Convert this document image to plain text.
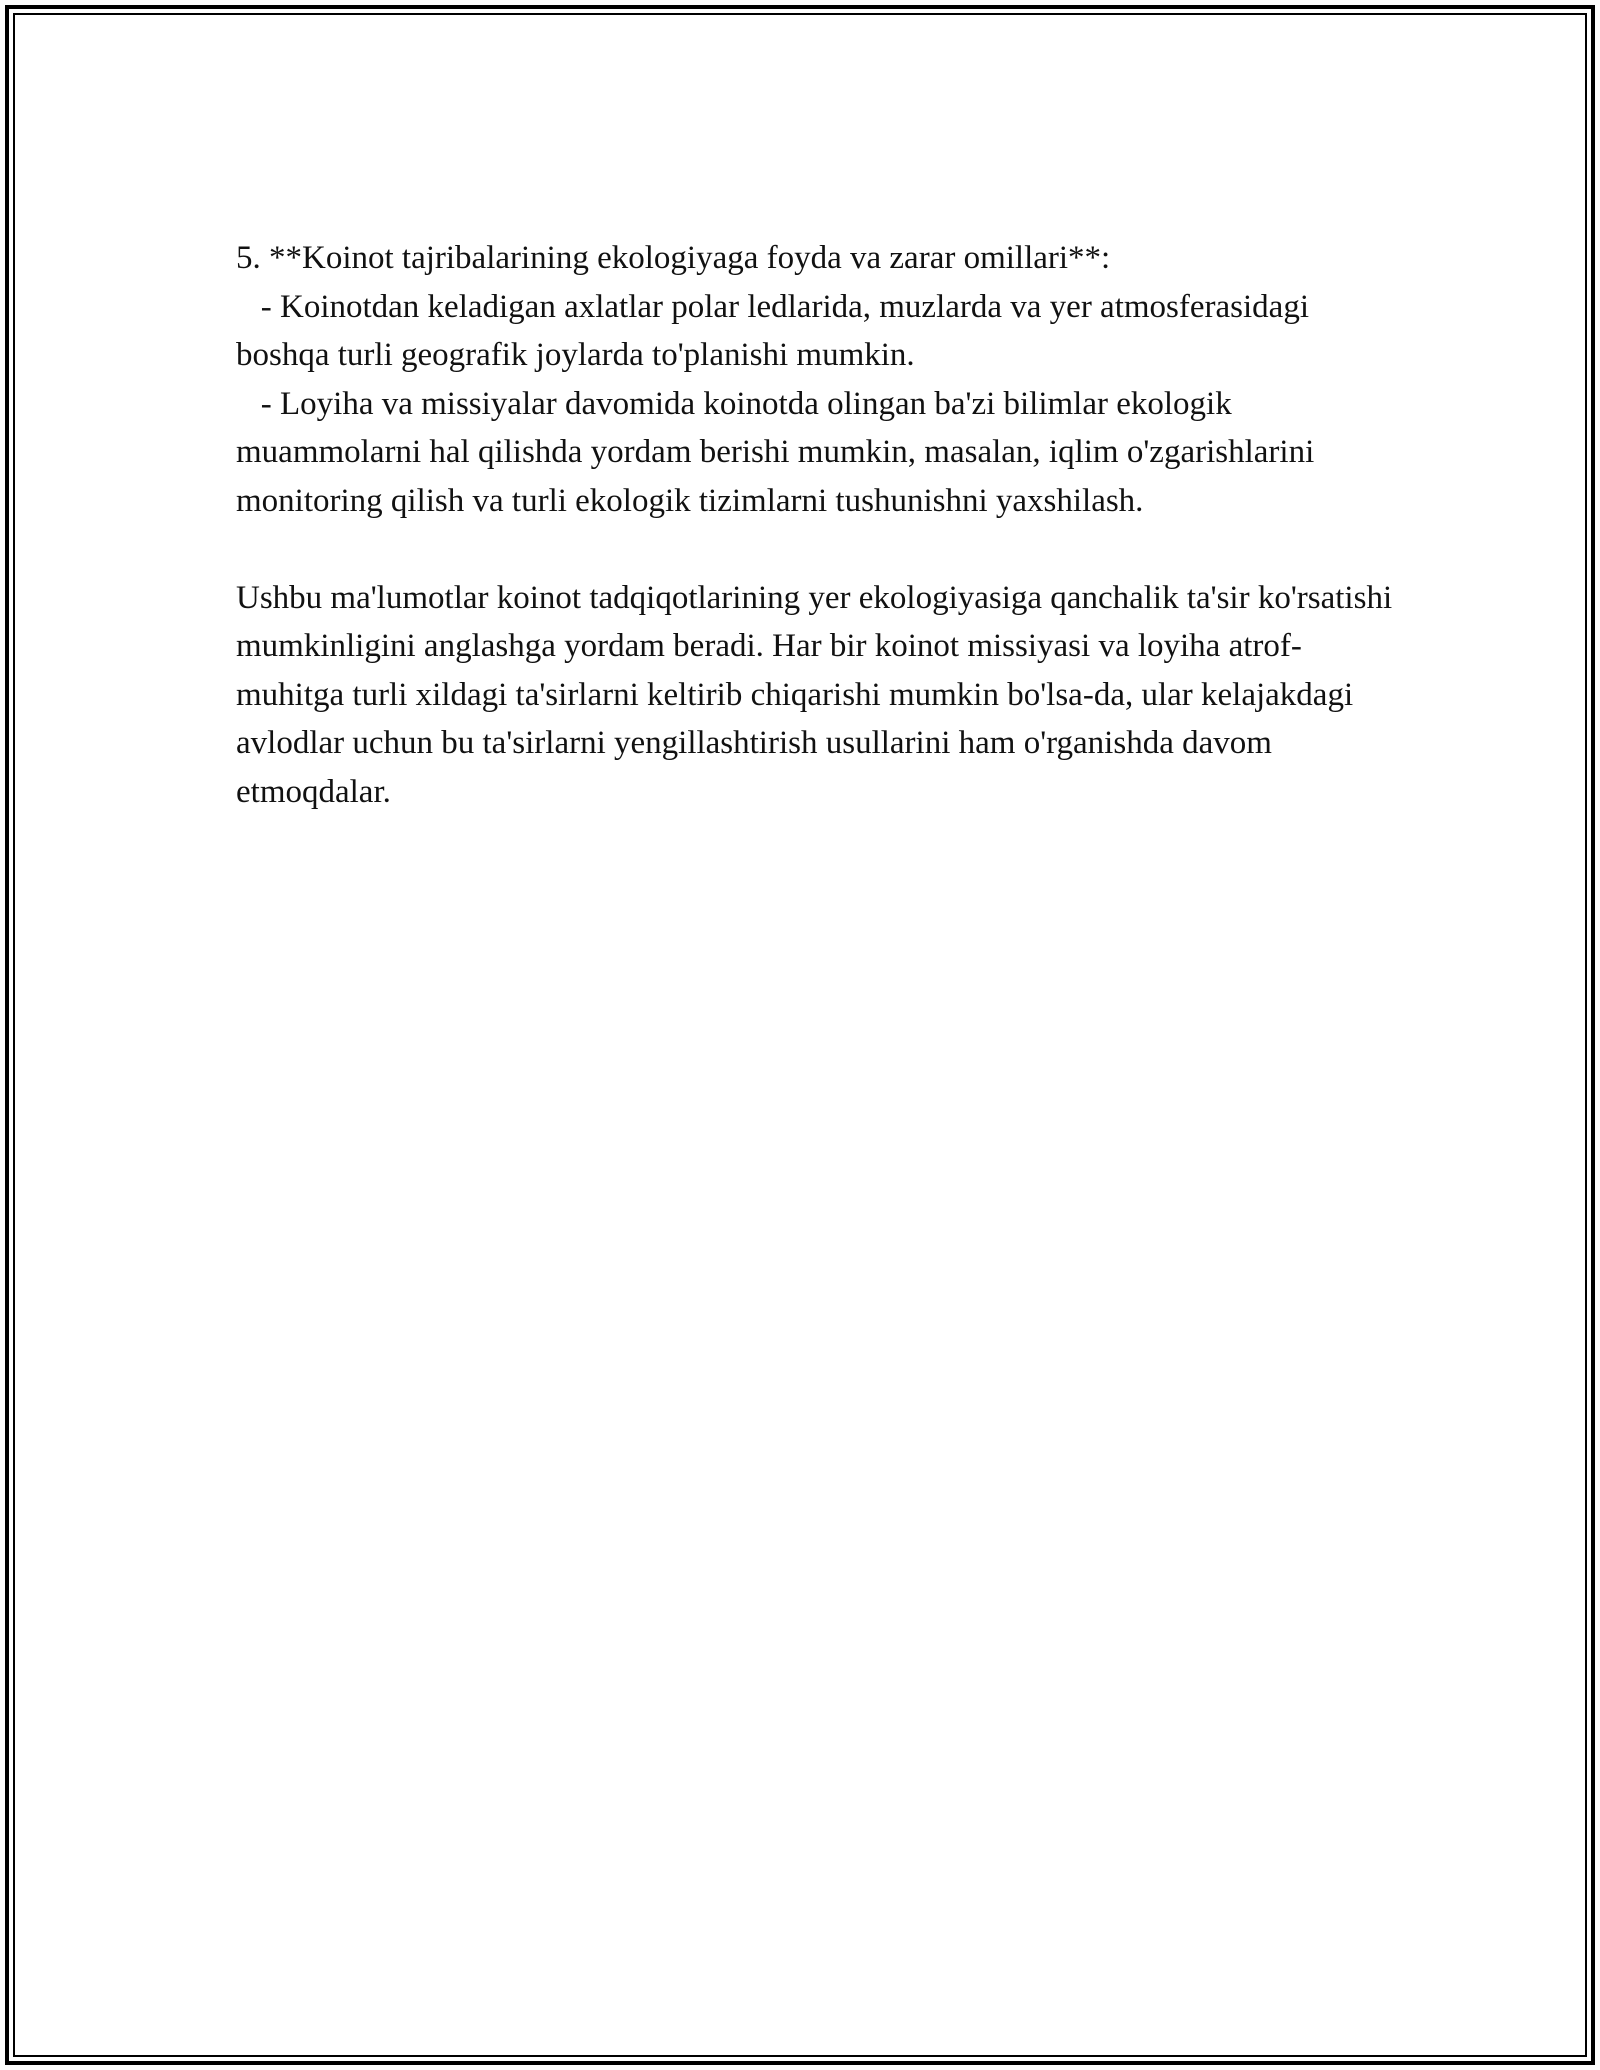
5. **Koinot tajribalarining ekologiyaga foyda va zarar omillari**:

- Koinotdan keladigan axlatlar polar ledlarida, muzlarda va yer atmosferasidagi boshqa turli geografik joylarda to'planishi mumkin.

- Loyiha va missiyalar davomida koinotda olingan ba'zi bilimlar ekologik muammolarni hal qilishda yordam berishi mumkin, masalan, iqlim o'zgarishlarini monitoring qilish va turli ekologik tizimlarni tushunishni yaxshilash.

Ushbu ma'lumotlar koinot tadqiqotlarining yer ekologiyasiga qanchalik ta'sir ko'rsatishi mumkinligini anglashga yordam beradi. Har bir koinot missiyasi va loyiha atrof-muhitga turli xildagi ta'sirlarni keltirib chiqarishi mumkin bo'lsa-da, ular kelajakdagi avlodlar uchun bu ta'sirlarni yengillashtirish usullarini ham o'rganishda davom etmoqdalar.
